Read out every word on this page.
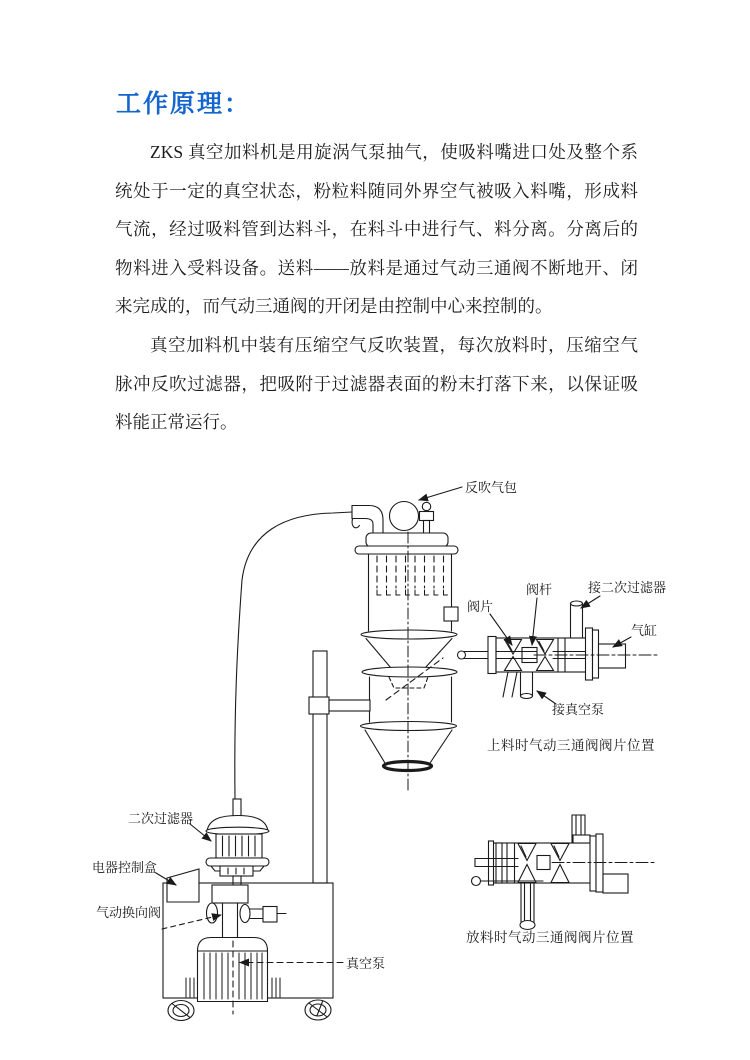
工作原理：

ZKS 真空加料机是用旋涡气泵抽气，使吸料嘴进口处及整个系统处于一定的真空状态，粉粒料随同外界空气被吸入料嘴，形成料气流，经过吸料管到达料斗，在料斗中进行气、料分离。分离后的物料进入受料设备。送料——放料是通过气动三通阀不断地开、闭来完成的，而气动三通阀的开闭是由控制中心来控制的。

真空加料机中装有压缩空气反吹装置，每次放料时，压缩空气脉冲反吹过滤器，把吸附于过滤器表面的粉末打落下来，以保证吸料能正常运行。

反吹气包
阀片
阀杆	接二次过滤器
气缸
接真空泵
上料时气动三通阀阀片位置
二次过滤器
电器控制盒
气动换向阀
真空泵
放料时气动三通阀阀片位置
